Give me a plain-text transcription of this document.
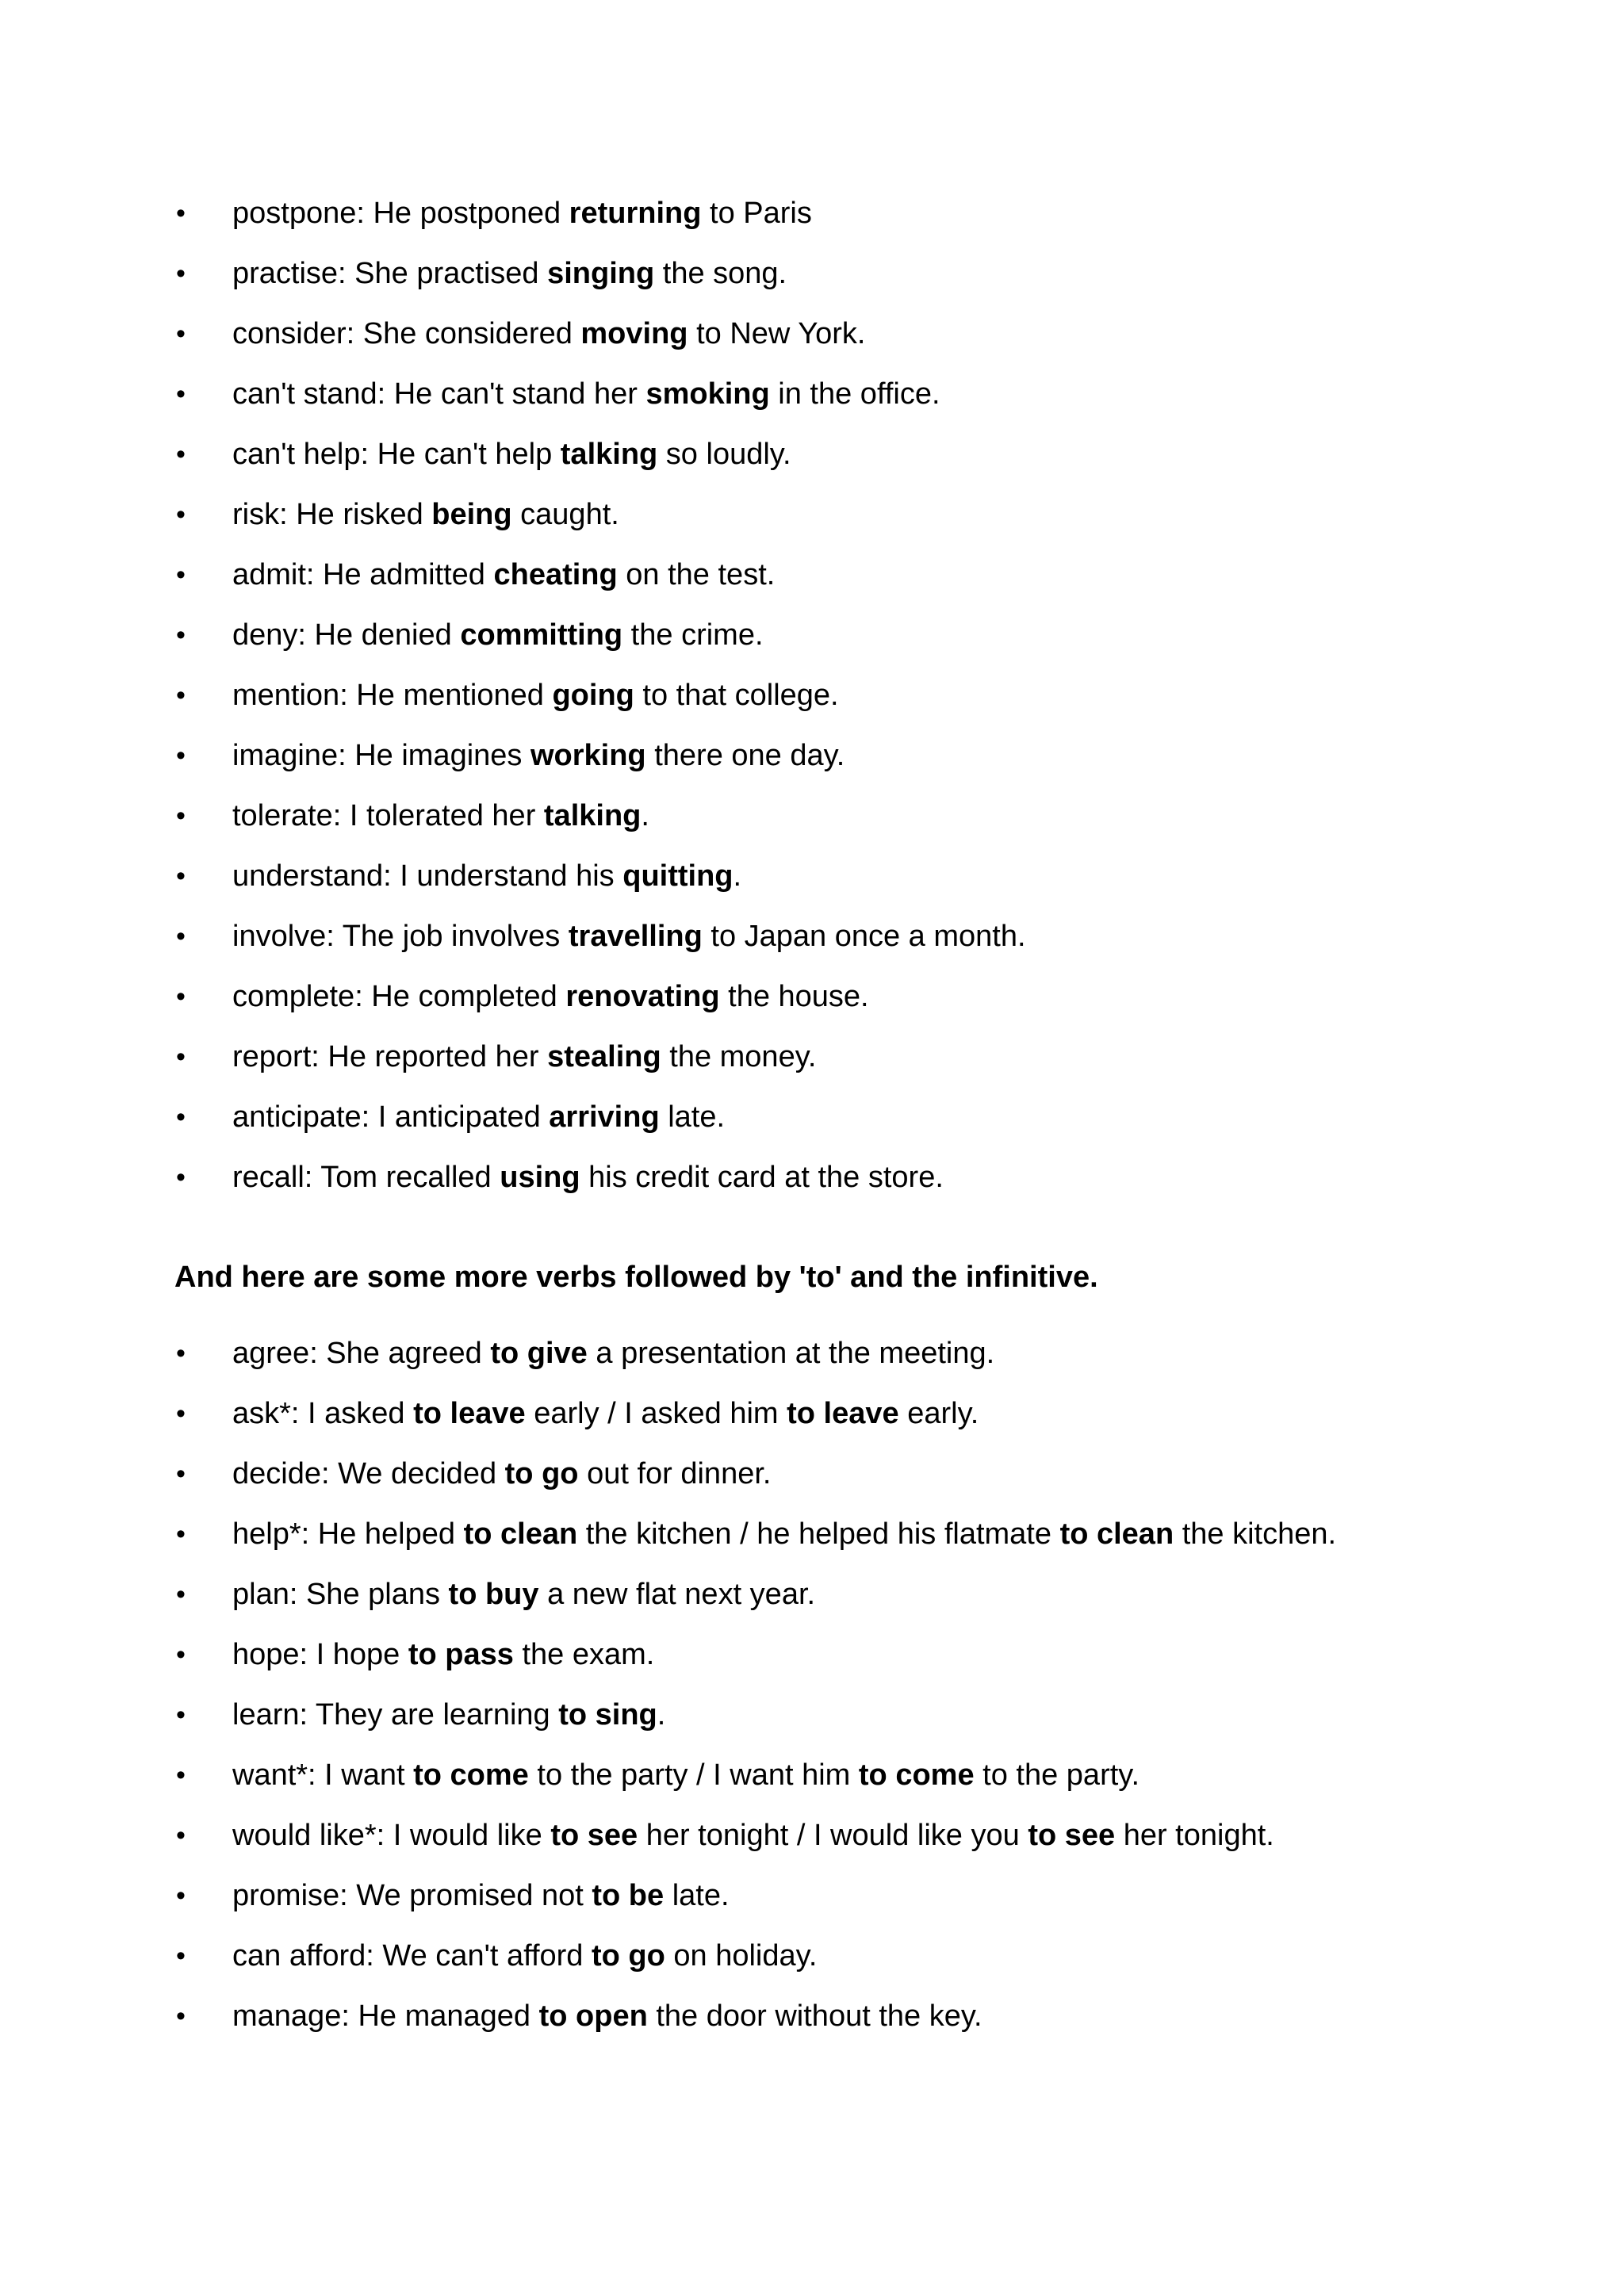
• postpone: He postponed returning to Paris
• practise: She practised singing the song.
• consider: She considered moving to New York.
• can't stand: He can't stand her smoking in the office.
• can't help: He can't help talking so loudly.
• risk: He risked being caught.
• admit: He admitted cheating on the test.
• deny: He denied committing the crime.
• mention: He mentioned going to that college.
• imagine: He imagines working there one day.
• tolerate: I tolerated her talking.
• understand: I understand his quitting.
• involve: The job involves travelling to Japan once a month.
• complete: He completed renovating the house.
• report: He reported her stealing the money.
• anticipate: I anticipated arriving late.
• recall: Tom recalled using his credit card at the store.
And here are some more verbs followed by 'to' and the infinitive.
• agree: She agreed to give a presentation at the meeting.
• ask*: I asked to leave early / I asked him to leave early.
• decide: We decided to go out for dinner.
• help*: He helped to clean the kitchen / he helped his flatmate to clean the kitchen.
• plan: She plans to buy a new flat next year.
• hope: I hope to pass the exam.
• learn: They are learning to sing.
• want*: I want to come to the party / I want him to come to the party.
• would like*: I would like to see her tonight / I would like you to see her tonight.
• promise: We promised not to be late.
• can afford: We can't afford to go on holiday.
• manage: He managed to open the door without the key.
